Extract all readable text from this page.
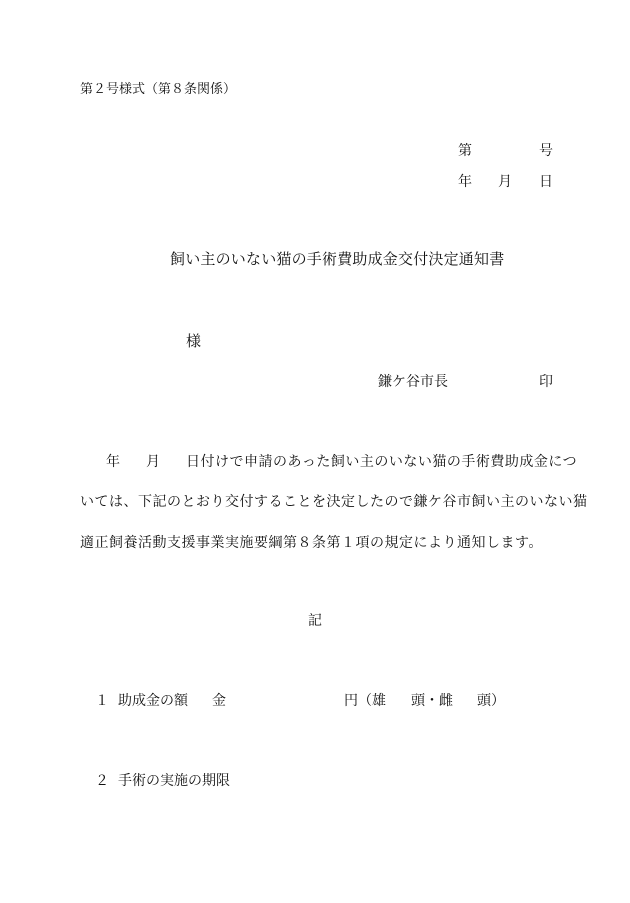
第２号様式（第８条関係）
第	号
年 月 日
飼い主のいない猫の手術費助成金交付決定通知書
様
鎌ケ谷市長	印
年 月 日付けで申請のあった飼い主のいない猫の手術費助成金につ
いては、下記のとおり交付することを決定したので鎌ケ谷市飼い主のいない猫
適正飼養活動支援事業実施要綱第８条第１項の規定により通知します。
記
１ 助成金の額 金	円（雄 頭・雌 頭）
２ 手術の実施の期限
